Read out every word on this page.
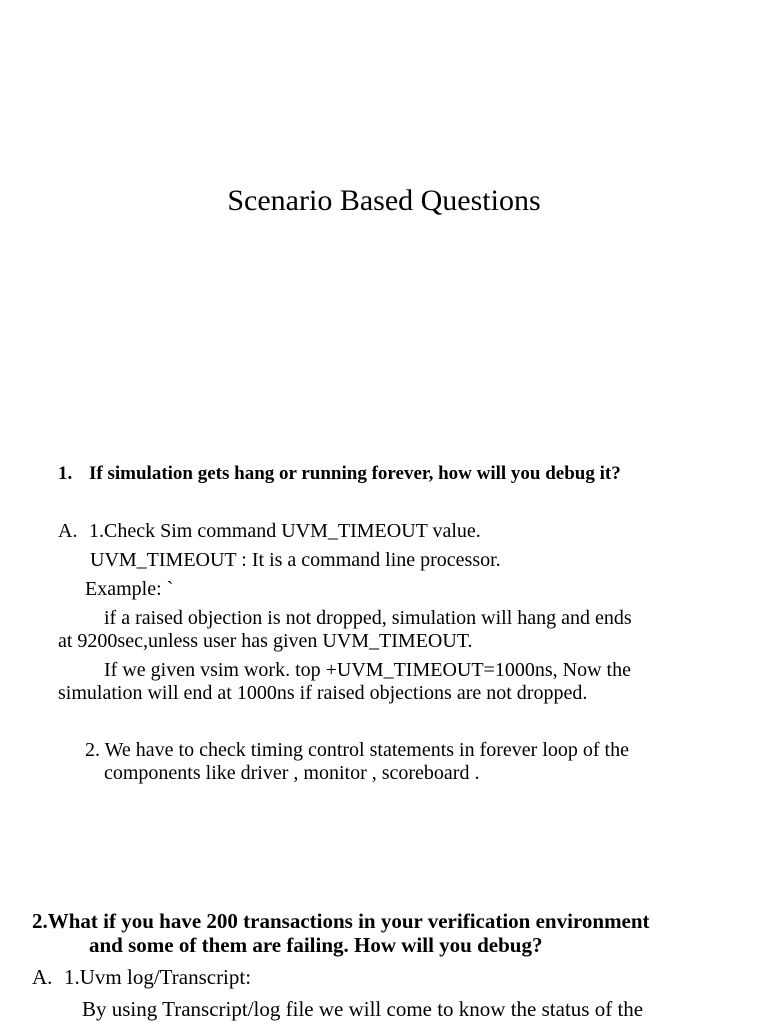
Scenario Based Questions
1. If simulation gets hang or running forever, how will you debug it?
A. 1.Check Sim command UVM_TIMEOUT value.
UVM_TIMEOUT : It is a command line processor.
Example: `
if a raised objection is not dropped, simulation will hang and ends
at 9200sec,unless user has given UVM_TIMEOUT.
If we given vsim work. top +UVM_TIMEOUT=1000ns, Now the
simulation will end at 1000ns if raised objections are not dropped.
2. We have to check timing control statements in forever loop of the
components like driver , monitor , scoreboard .
2.What if you have 200 transactions in your verification environment
and some of them are failing. How will you debug?
A. 1.Uvm log/Transcript:
By using Transcript/log file we will come to know the status of the
